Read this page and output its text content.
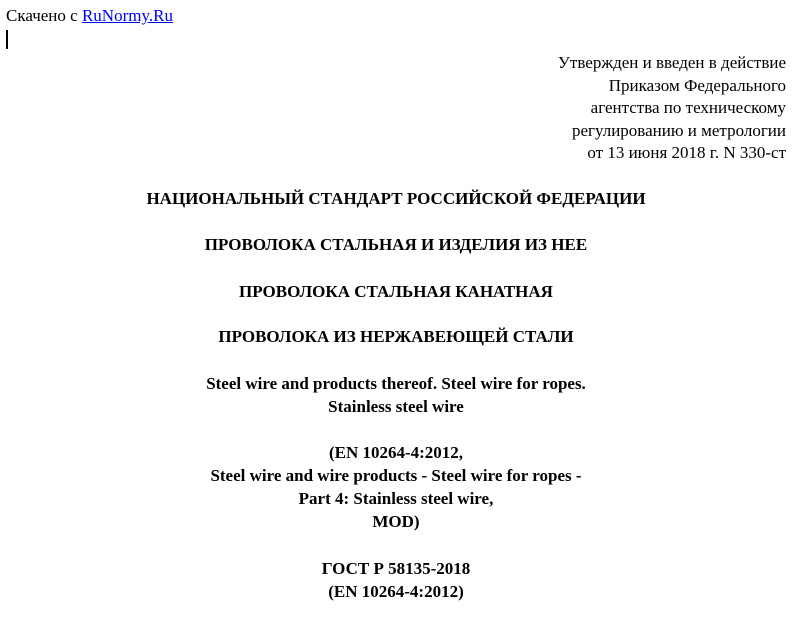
Скачено с RuNormy.Ru
Утвержден и введен в действие
Приказом Федерального
агентства по техническому
регулированию и метрологии
от 13 июня 2018 г. N 330-ст
НАЦИОНАЛЬНЫЙ СТАНДАРТ РОССИЙСКОЙ ФЕДЕРАЦИИ
ПРОВОЛОКА СТАЛЬНАЯ И ИЗДЕЛИЯ ИЗ НЕЕ
ПРОВОЛОКА СТАЛЬНАЯ КАНАТНАЯ
ПРОВОЛОКА ИЗ НЕРЖАВЕЮЩЕЙ СТАЛИ
Steel wire and products thereof. Steel wire for ropes.
Stainless steel wire
(EN 10264-4:2012,
Steel wire and wire products - Steel wire for ropes -
Part 4: Stainless steel wire,
MOD)
ГОСТ Р 58135-2018
(EN 10264-4:2012)
